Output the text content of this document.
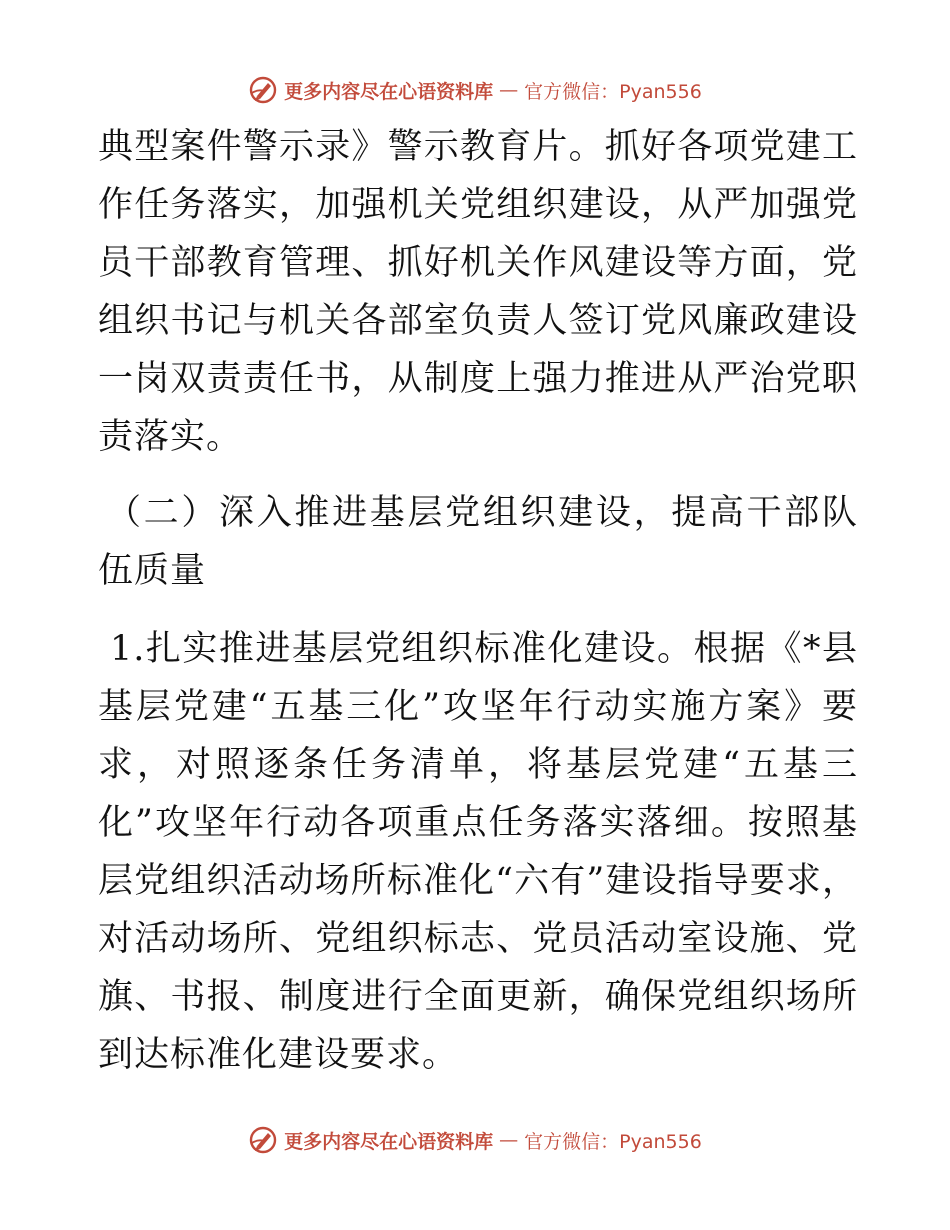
更多内容尽在心语资料库 — 官方微信：Pyan556

典型案件警示录》警示教育片。抓好各项党建工作任务落实，加强机关党组织建设，从严加强党员干部教育管理、抓好机关作风建设等方面，党组织书记与机关各部室负责人签订党风廉政建设一岗双责责任书，从制度上强力推进从严治党职责落实。

（二）深入推进基层党组织建设，提高干部队伍质量

1.扎实推进基层党组织标准化建设。根据《*县基层党建“五基三化”攻坚年行动实施方案》要求，对照逐条任务清单，将基层党建“五基三化”攻坚年行动各项重点任务落实落细。按照基层党组织活动场所标准化“六有”建设指导要求，对活动场所、党组织标志、党员活动室设施、党旗、书报、制度进行全面更新，确保党组织场所到达标准化建设要求。

更多内容尽在心语资料库 — 官方微信：Pyan556
